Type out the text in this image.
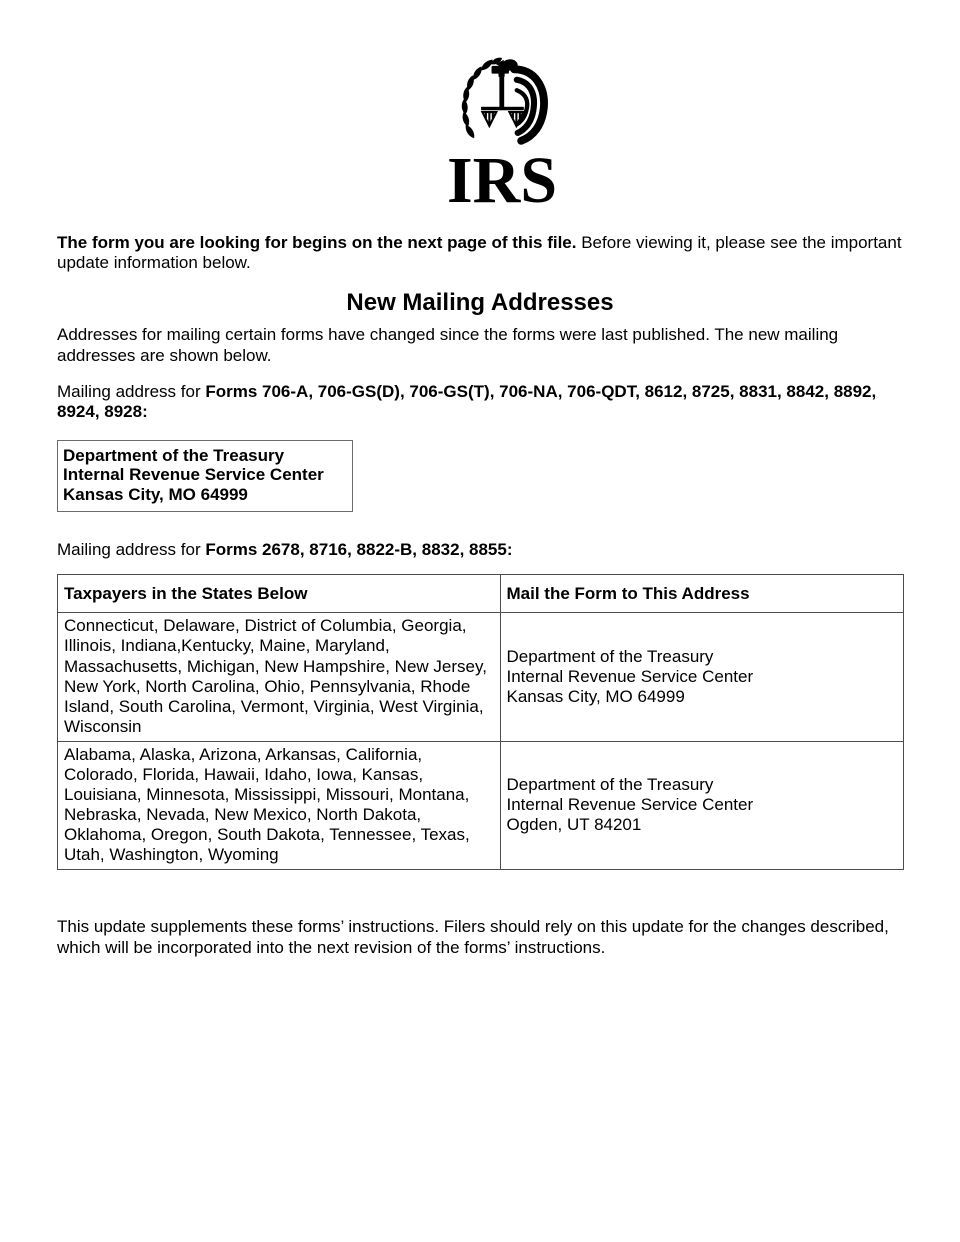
IRS

The form you are looking for begins on the next page of this file. Before viewing it, please see the important update information below.

New Mailing Addresses

Addresses for mailing certain forms have changed since the forms were last published. The new mailing addresses are shown below.

Mailing address for Forms 706-A, 706-GS(D), 706-GS(T), 706-NA, 706-QDT, 8612, 8725, 8831, 8842, 8892, 8924, 8928:

Department of the Treasury
Internal Revenue Service Center
Kansas City, MO 64999

Mailing address for Forms 2678, 8716, 8822-B, 8832, 8855:

Taxpayers in the States Below	Mail the Form to This Address
Connecticut, Delaware, District of Columbia, Georgia, Illinois, Indiana,Kentucky, Maine, Maryland, Massachusetts, Michigan, New Hampshire, New Jersey, New York, North Carolina, Ohio, Pennsylvania, Rhode Island, South Carolina, Vermont, Virginia, West Virginia, Wisconsin	
Department of the Treasury
Internal Revenue Service Center
Kansas City, MO 64999

Alabama, Alaska, Arizona, Arkansas, California, Colorado, Florida, Hawaii, Idaho, Iowa, Kansas, Louisiana, Minnesota, Mississippi, Missouri, Montana, Nebraska, Nevada, New Mexico, North Dakota, Oklahoma, Oregon, South Dakota, Tennessee, Texas, Utah, Washington, Wyoming	
Department of the Treasury
Internal Revenue Service Center
Ogden, UT 84201

This update supplements these forms’ instructions. Filers should rely on this update for the changes described, which will be incorporated into the next revision of the forms’ instructions.
